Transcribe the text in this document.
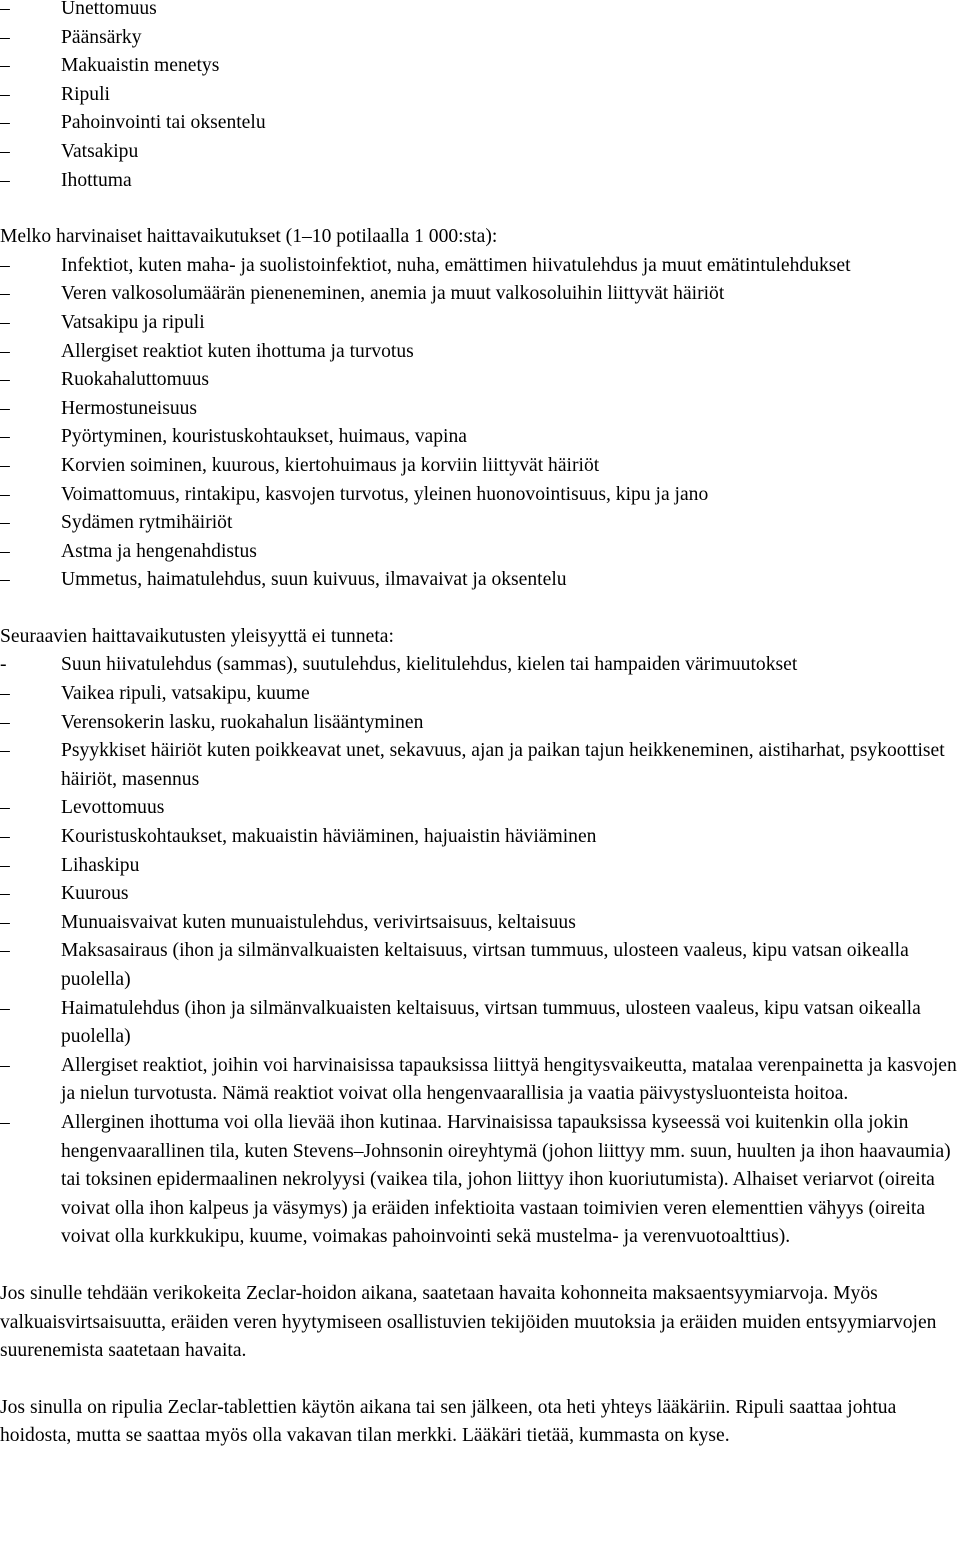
–	Unettomuus
–	Päänsärky
–	Makuaistin menetys
–	Ripuli
–	Pahoinvointi tai oksentelu
–	Vatsakipu
–	Ihottuma

Melko harvinaiset haittavaikutukset (1–10 potilaalla 1 000:sta):

–	Infektiot, kuten maha- ja suolistoinfektiot, nuha, emättimen hiivatulehdus ja muut emätintulehdukset
–	Veren valkosolumäärän pieneneminen, anemia ja muut valkosoluihin liittyvät häiriöt
–	Vatsakipu ja ripuli
–	Allergiset reaktiot kuten ihottuma ja turvotus
–	Ruokahaluttomuus
–	Hermostuneisuus
–	Pyörtyminen, kouristuskohtaukset, huimaus, vapina
–	Korvien soiminen, kuurous, kiertohuimaus ja korviin liittyvät häiriöt
–	Voimattomuus, rintakipu, kasvojen turvotus, yleinen huonovointisuus, kipu ja jano
–	Sydämen rytmihäiriöt
–	Astma ja hengenahdistus
–	Ummetus, haimatulehdus, suun kuivuus, ilmavaivat ja oksentelu

Seuraavien haittavaikutusten yleisyyttä ei tunneta:

-	Suun hiivatulehdus (sammas), suutulehdus, kielitulehdus, kielen tai hampaiden värimuutokset
–	Vaikea ripuli, vatsakipu, kuume
–	Verensokerin lasku, ruokahalun lisääntyminen
–	Psyykkiset häiriöt kuten poikkeavat unet, sekavuus, ajan ja paikan tajun heikkeneminen, aistiharhat, psykoottiset häiriöt, masennus
–	Levottomuus
–	Kouristuskohtaukset, makuaistin häviäminen, hajuaistin häviäminen
–	Lihaskipu
–	Kuurous
–	Munuaisvaivat kuten munuaistulehdus, verivirtsaisuus, keltaisuus
–	Maksasairaus (ihon ja silmänvalkuaisten keltaisuus, virtsan tummuus, ulosteen vaaleus, kipu vatsan oikealla puolella)
–	Haimatulehdus (ihon ja silmänvalkuaisten keltaisuus, virtsan tummuus, ulosteen vaaleus, kipu vatsan oikealla puolella)
–	Allergiset reaktiot, joihin voi harvinaisissa tapauksissa liittyä hengitysvaikeutta, matalaa verenpainetta ja kasvojen ja nielun turvotusta. Nämä reaktiot voivat olla hengenvaarallisia ja vaatia päivystysluonteista hoitoa.
–	Allerginen ihottuma voi olla lievää ihon kutinaa. Harvinaisissa tapauksissa kyseessä voi kuitenkin olla jokin hengenvaarallinen tila, kuten Stevens–Johnsonin oireyhtymä (johon liittyy mm. suun, huulten ja ihon haavaumia) tai toksinen epidermaalinen nekrolyysi (vaikea tila, johon liittyy ihon kuoriutumista). Alhaiset veriarvot (oireita voivat olla ihon kalpeus ja väsymys) ja eräiden infektioita vastaan toimivien veren elementtien vähyys (oireita voivat olla kurkkukipu, kuume, voimakas pahoinvointi sekä mustelma- ja verenvuotoalttius).

Jos sinulle tehdään verikokeita Zeclar-hoidon aikana, saatetaan havaita kohonneita maksaentsyymiarvoja. Myös valkuaisvirtsaisuutta, eräiden veren hyytymiseen osallistuvien tekijöiden muutoksia ja eräiden muiden entsyymiarvojen suurenemista saatetaan havaita.

Jos sinulla on ripulia Zeclar-tablettien käytön aikana tai sen jälkeen, ota heti yhteys lääkäriin. Ripuli saattaa johtua hoidosta, mutta se saattaa myös olla vakavan tilan merkki. Lääkäri tietää, kummasta on kyse.
